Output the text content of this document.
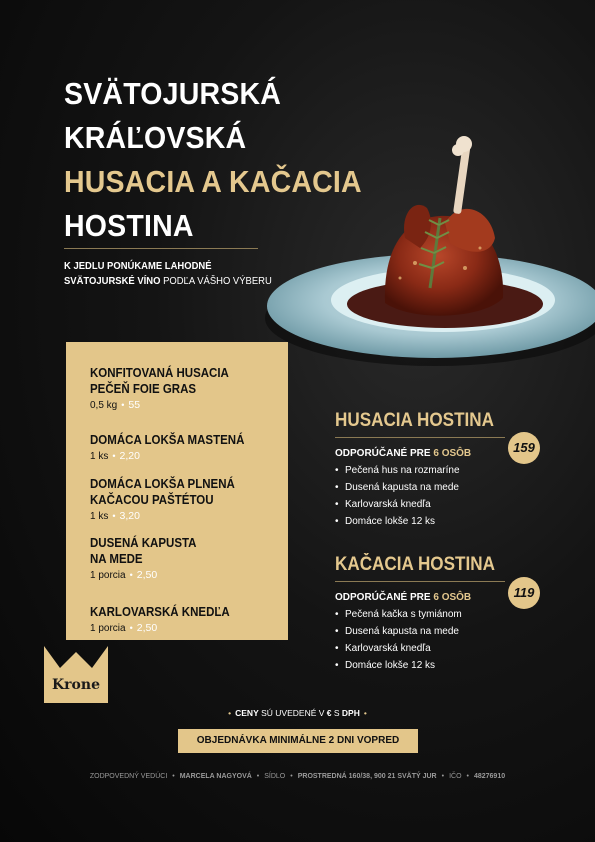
SVÄTOJURSKÁ
KRÁĽOVSKÁ
HUSACIA A KAČACIA
HOSTINA
K JEDLU PONÚKAME LAHODNÉ
SVÄTOJURSKÉ VÍNO PODĽA VÁŠHO VÝBERU
KONFITOVANÁ HUSACIA
PEČEŇ FOIE GRAS
0,5 kg • 55
DOMÁCA LOKŠA MASTENÁ
1 ks • 2,20
DOMÁCA LOKŠA PLNENÁ
KAČACOU PAŠTÉTOU
1 ks • 3,20
DUSENÁ KAPUSTA
NA MEDE
1 porcia • 2,50
KARLOVARSKÁ KNEDĽA
1 porcia • 2,50
Krone
HUSACIA HOSTINA
ODPORÚČANÉ PRE 6 OSÔB
• Pečená hus na rozmaríne
• Dusená kapusta na mede
• Karlovarská knedľa
• Domáce lokše 12 ks
159
KAČACIA HOSTINA
ODPORÚČANÉ PRE 6 OSÔB
• Pečená kačka s tymiánom
• Dusená kapusta na mede
• Karlovarská knedľa
• Domáce lokše 12 ks
119
• CENY SÚ UVEDENÉ V € S DPH •
OBJEDNÁVKA MINIMÁLNE 2 DNI VOPRED
ZODPOVEDNÝ VEDÚCI • MARCELA NAGYOVÁ • SÍDLO • PROSTREDNÁ 160/38, 900 21 SVÄTÝ JUR • IČO • 48276910
